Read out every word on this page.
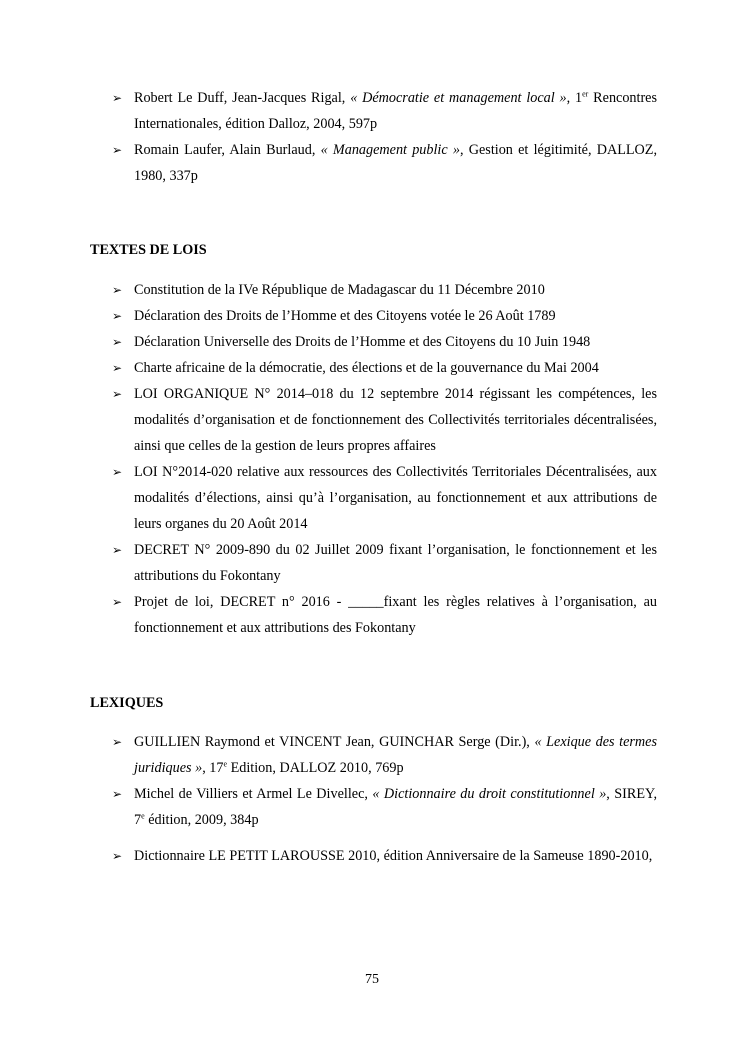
➢ Robert Le Duff, Jean-Jacques Rigal, « Démocratie et management local », 1er Rencontres Internationales, édition Dalloz, 2004, 597p
➢ Romain Laufer, Alain Burlaud, « Management public », Gestion et légitimité, DALLOZ, 1980, 337p
TEXTES DE LOIS
➢ Constitution de la IVe République de Madagascar du 11 Décembre 2010
➢ Déclaration des Droits de l’Homme et des Citoyens votée le 26 Août 1789
➢ Déclaration Universelle des Droits de l’Homme et des Citoyens du 10 Juin 1948
➢ Charte africaine de la démocratie, des élections et de la gouvernance du Mai 2004
➢ LOI ORGANIQUE N° 2014–018 du 12 septembre 2014 régissant les compétences, les modalités d’organisation et de fonctionnement des Collectivités territoriales décentralisées, ainsi que celles de la gestion de leurs propres affaires
➢ LOI N°2014-020 relative aux ressources des Collectivités Territoriales Décentralisées, aux modalités d’élections, ainsi qu’à l’organisation, au fonctionnement et aux attributions de leurs organes du 20 Août 2014
➢ DECRET N° 2009-890 du 02 Juillet 2009 fixant l’organisation, le fonctionnement et les attributions du Fokontany
➢ Projet de loi, DECRET n° 2016 - _____fixant les règles relatives à l’organisation, au fonctionnement et aux attributions des Fokontany
LEXIQUES
➢ GUILLIEN Raymond et VINCENT Jean, GUINCHAR Serge (Dir.), « Lexique des termes juridiques », 17e Edition, DALLOZ 2010, 769p
➢ Michel de Villiers et Armel Le Divellec, « Dictionnaire du droit constitutionnel », SIREY, 7e édition, 2009, 384p
➢ Dictionnaire LE PETIT LAROUSSE 2010, édition Anniversaire de la Sameuse 1890-2010,
75
